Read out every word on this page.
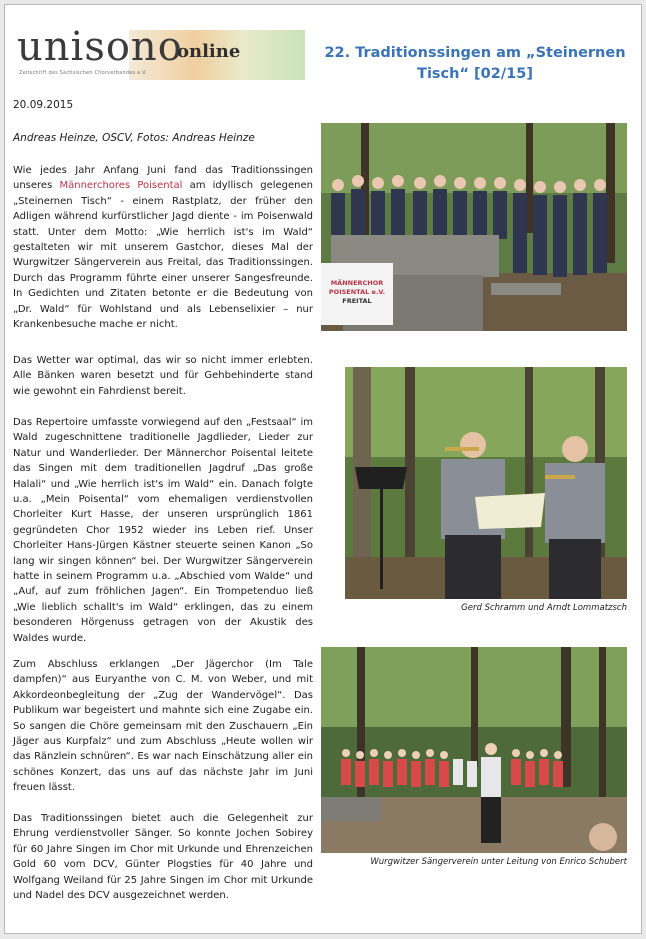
unisono
online
Zeitschrift des Sächsischen Chorverbandes e.V.
22. Traditionssingen am „Steinernen Tisch“ [02/15]
20.09.2015
Andreas Heinze, OSCV, Fotos: Andreas Heinze
Wie jedes Jahr Anfang Juni fand das Traditionssingen unseres Männerchores Poisental am idyllisch gelegenen „Steinernen Tisch“ - einem Rastplatz, der früher den Adligen während kurfürstlicher Jagd diente - im Poisenwald statt. Unter dem Motto: „Wie herrlich ist's im Wald“ gestalteten wir mit unserem Gastchor, dieses Mal der Wurgwitzer Sängerverein aus Freital, das Traditionssingen. Durch das Programm führte einer unserer Sangesfreunde. In Gedichten und Zitaten betonte er die Bedeutung von „Dr. Wald“ für Wohlstand und als Lebenselixier – nur Krankenbesuche mache er nicht.
Das Wetter war optimal, das wir so nicht immer erlebten. Alle Bänken waren besetzt und für Gehbehinderte stand wie gewohnt ein Fahrdienst bereit.
Das Repertoire umfasste vorwiegend auf den „Festsaal“ im Wald zugeschnittene traditionelle Jagdlieder, Lieder zur Natur und Wanderlieder. Der Männerchor Poisental leitete das Singen mit dem traditionellen Jagdruf „Das große Halali“ und „Wie herrlich ist's im Wald“ ein. Danach folgte u.a. „Mein Poisental“ vom ehemaligen verdienstvollen Chorleiter Kurt Hasse, der unseren ursprünglich 1861 gegründeten Chor 1952 wieder ins Leben rief. Unser Chorleiter Hans-Jürgen Kästner steuerte seinen Kanon „So lang wir singen können“ bei. Der Wurgwitzer Sängerverein hatte in seinem Programm u.a. „Abschied vom Walde“ und „Auf, auf zum fröhlichen Jagen“. Ein Trompetenduo ließ „Wie lieblich schallt's im Wald“ erklingen, das zu einem besonderen Hörgenuss getragen von der Akustik des Waldes wurde.
Zum Abschluss erklangen „Der Jägerchor (Im Tale dampfen)“ aus Euryanthe von C. M. von Weber, und mit Akkordeonbegleitung der „Zug der Wandervögel“. Das Publikum war begeistert und mahnte sich eine Zugabe ein. So sangen die Chöre gemeinsam mit den Zuschauern „Ein Jäger aus Kurpfalz“ und zum Abschluss „Heute wollen wir das Ränzlein schnüren“. Es war nach Einschätzung aller ein schönes Konzert, das uns auf das nächste Jahr im Juni freuen lässt.
Das Traditionssingen bietet auch die Gelegenheit zur Ehrung verdienstvoller Sänger. So konnte Jochen Sobirey für 60 Jahre Singen im Chor mit Urkunde und Ehrenzeichen Gold 60 vom DCV, Günter Plogsties für 40 Jahre und Wolfgang Weiland für 25 Jahre Singen im Chor mit Urkunde und Nadel des DCV ausgezeichnet werden.
MÄNNERCHOR
POISENTAL e.V.
FREITAL
Gerd Schramm und Arndt Lommatzsch
Wurgwitzer Sängerverein unter Leitung von Enrico Schubert
